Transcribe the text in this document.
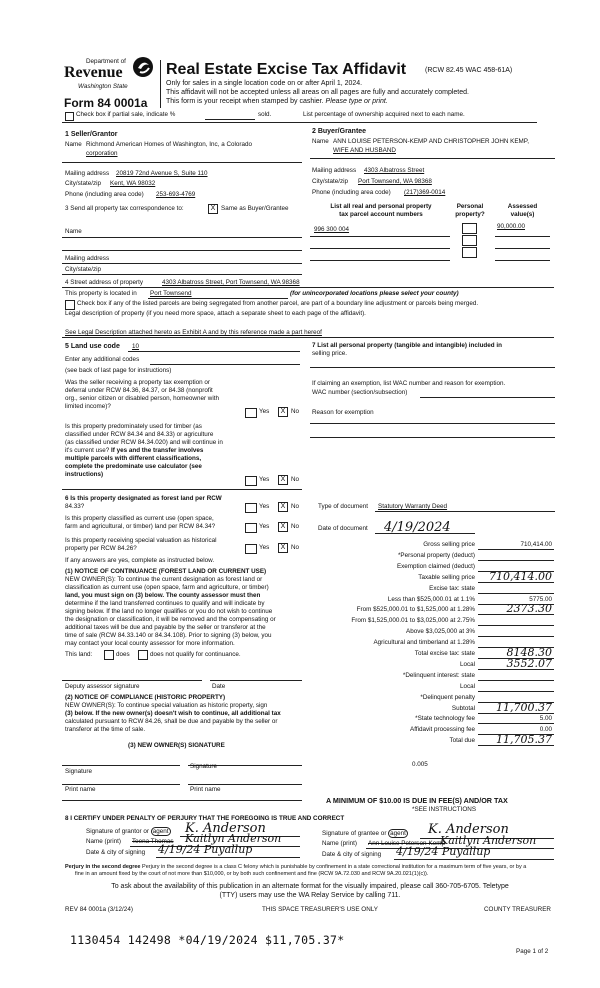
Department of
Revenue
Washington State
Form 84 0001a
Real Estate Excise Tax Affidavit	(RCW 82.45 WAC 458-61A)
Only for sales in a single location code on or after April 1, 2024.
This affidavit will not be accepted unless all areas on all pages are fully and accurately completed.
This form is your receipt when stamped by cashier. Please type or print.
Check box if partial sale, indicate %	sold.	List percentage of ownership acquired next to each name.
1 Seller/Grantor
Name Richmond American Homes of Washington, Inc, a Colorado
corporation
Mailing address 20819 72nd Avenue S, Suite 110
City/state/zip Kent, WA 98032
Phone (including area code) 253-693-4769
2 Buyer/Grantee
Name ANN LOUISE PETERSON-KEMP AND CHRISTOPHER JOHN KEMP,
WIFE AND HUSBAND
Mailing address 4303 Albatross Street
City/state/zip Port Townsend, WA 98368
Phone (including area code) (217)369-0014
3 Send all property tax correspondence to:	X Same as Buyer/Grantee
Name
Mailing address
City/state/zip
List all real and personal property
tax parcel account numbers
Personal
property?
Assessed
value(s)
996 300 004	90,000.00
4 Street address of property	4303 Albatross Street, Port Townsend, WA 98368
This property is located in Port Townsend	(for unincorporated locations please select your county)
Check box if any of the listed parcels are being segregated from another parcel, are part of a boundary line adjustment or parcels being merged.
Legal description of property (if you need more space, attach a separate sheet to each page of the affidavit).
See Legal Description attached hereto as Exhibit A and by this reference made a part hereof
5 Land use code 10
Enter any additional codes
(see back of last page for instructions)
Was the seller receiving a property tax exemption or
deferral under RCW 84.36, 84.37, or 84.38 (nonprofit
org., senior citizen or disabled person, homeowner with
limited income)?
Yes	X No
Is this property predominately used for timber (as
classified under RCW 84.34 and 84.33) or agriculture
(as classified under RCW 84.34.020) and will continue in
it's current use? If yes and the transfer involves
multiple parcels with different classifications,
complete the predominate use calculator (see
instructions)
Yes	X No
7 List all personal property (tangible and intangible) included in
selling price.
If claiming an exemption, list WAC number and reason for exemption.
WAC number (section/subsection)
Reason for exemption
6 Is this property designated as forest land per RCW
84.33?	Yes	X No
Is this property classified as current use (open space,
farm and agricultural, or timber) land per RCW 84.34?	Yes	X No
Is this property receiving special valuation as historical
property per RCW 84.26?	Yes	X No
If any answers are yes, complete as instructed below.
(1) NOTICE OF CONTINUANCE (FOREST LAND OR CURRENT USE)
NEW OWNER(S): To continue the current designation as forest land or
classification as current use (open space, farm and agriculture, or timber)
land, you must sign on (3) below. The county assessor must then
determine if the land transferred continues to qualify and will indicate by
signing below. If the land no longer qualifies or you do not wish to continue
the designation or classification, it will be removed and the compensating or
additional taxes will be due and payable by the seller or transferor at the
time of sale (RCW 84.33.140 or 84.34.108). Prior to signing (3) below, you
may contact your local county assessor for more information.
This land:	does	does not qualify for continuance.
Deputy assessor signature	Date
(2) NOTICE OF COMPLIANCE (HISTORIC PROPERTY)
NEW OWNER(S): To continue special valuation as historic property, sign
(3) below. If the new owner(s) doesn't wish to continue, all additional tax
calculated pursuant to RCW 84.26, shall be due and payable by the seller or
transferor at the time of sale.
(3) NEW OWNER(S) SIGNATURE
Signature
Signature
Print name	Print name
Type of document Statutory Warranty Deed
Date of document 4/19/2024
Gross selling price	710,414.00
*Personal property (deduct)
Exemption claimed (deduct)
Taxable selling price	710,414.00
Excise tax: state
Less than $525,000.01 at 1.1%	5775.00
From $525,000.01 to $1,525,000 at 1.28%	2373.30
From $1,525,000.01 to $3,025,000 at 2.75%
Above $3,025,000 at 3%
Agricultural and timberland at 1.28%
Total excise tax: state	8148.30
Local	3552.07
*Delinquent interest: state
Local
*Delinquent penalty
Subtotal	11,700.37
*State technology fee	5.00
Affidavit processing fee	0.00
Total due	11,705.37
0.005
A MINIMUM OF $10.00 IS DUE IN FEE(S) AND/OR TAX
*SEE INSTRUCTIONS
8 I CERTIFY UNDER PENALTY OF PERJURY THAT THE FOREGOING IS TRUE AND CORRECT
Signature of grantor or agent K. Anderson
Name (print) Teena Thomas Kaitlyn Anderson
Date & city of signing 4/19/24 Puyallup
Signature of grantee or agent K. Anderson
Name (print) Ann Louise Peterson-Kemp
Kaitlyn Anderson
Date & city of signing 4/19/24 Puyallup
Perjury in the second degree Perjury in the second degree is a class C felony which is punishable by confinement in a state correctional institution for a maximum term of five years, or by a
fine in an amount fixed by the court of not more than $10,000, or by both such confinement and fine (RCW 9A.72.030 and RCW 9A.20.021(1)(c)).
To ask about the availability of this publication in an alternate format for the visually impaired, please call 360-705-6705. Teletype
(TTY) users may use the WA Relay Service by calling 711.
REV 84 0001a (3/12/24)	THIS SPACE TREASURER'S USE ONLY	COUNTY TREASURER
Page 1 of 2
1130454 142498 *04/19/2024 $11,705.37*
